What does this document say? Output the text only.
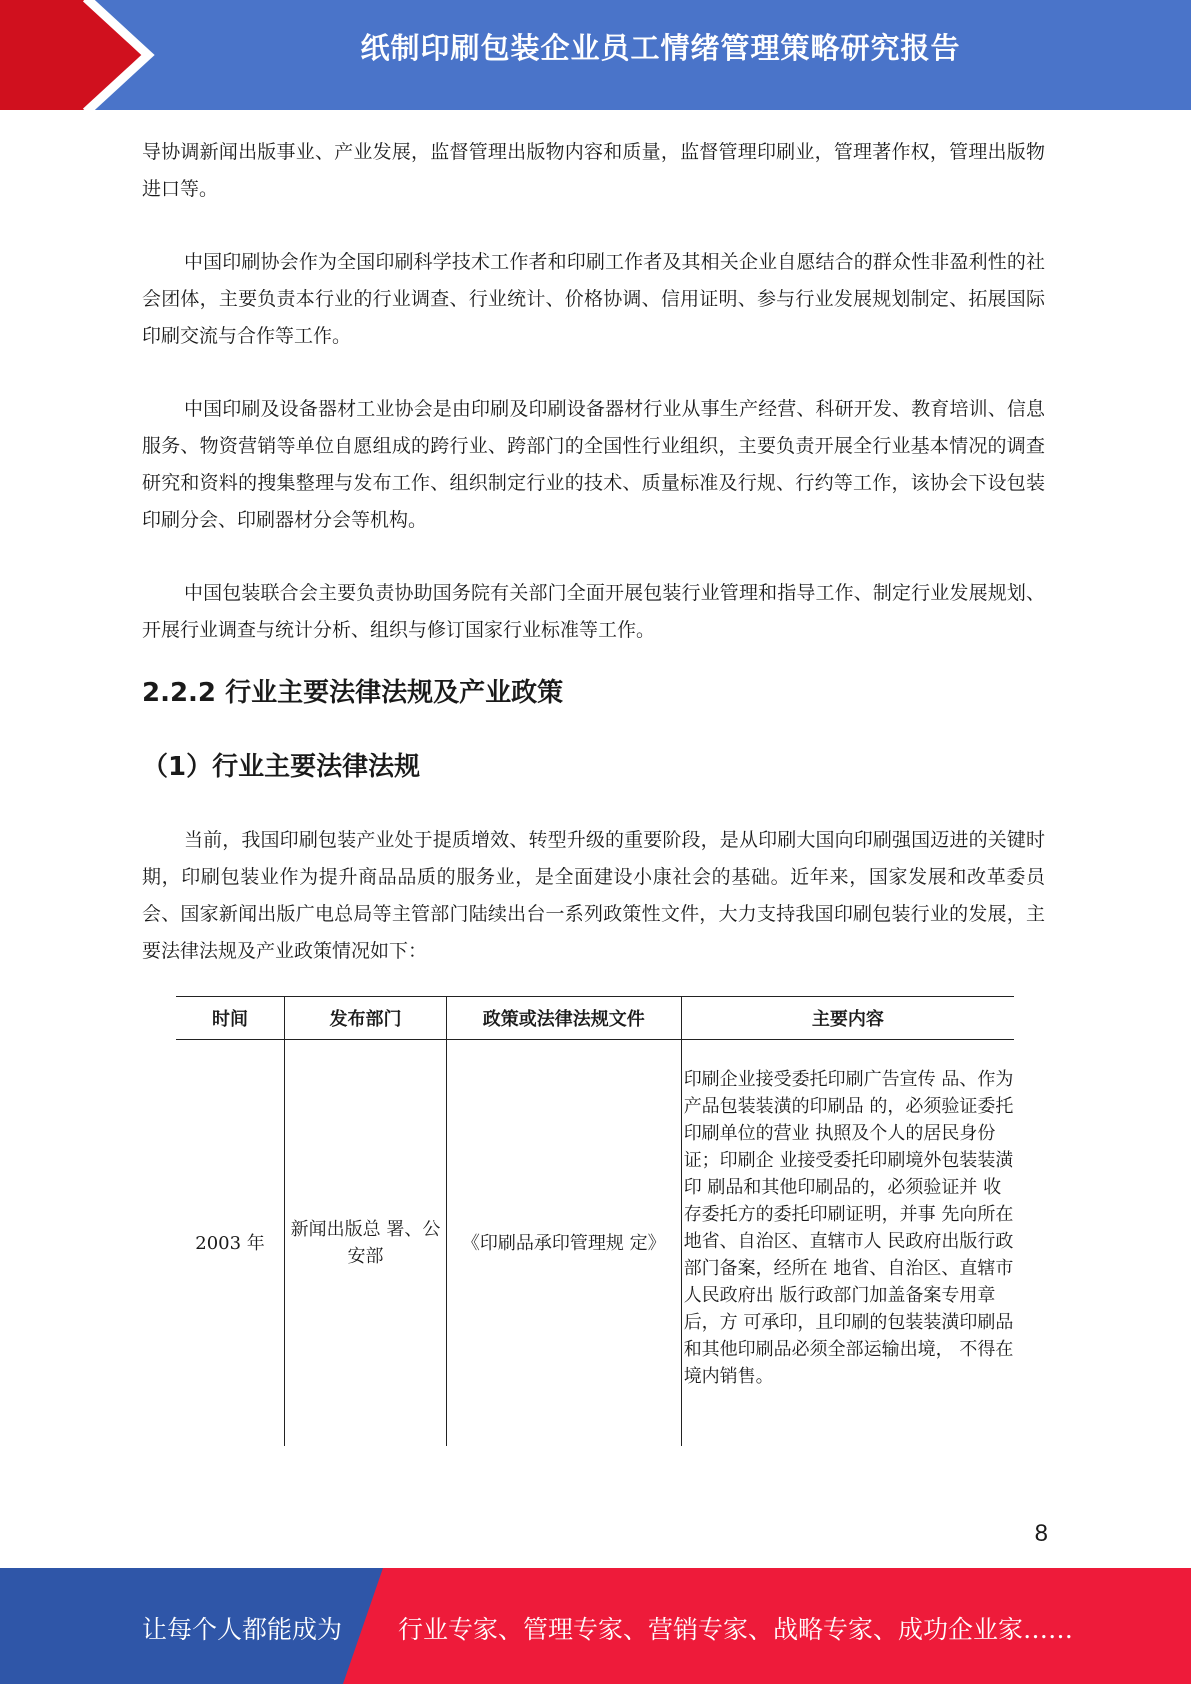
纸制印刷包装企业员工情绪管理策略研究报告

导协调新闻出版事业、产业发展，监督管理出版物内容和质量，监督管理印刷业，管理著作权，管理出版物进口等。

中国印刷协会作为全国印刷科学技术工作者和印刷工作者及其相关企业自愿结合的群众性非盈利性的社会团体，主要负责本行业的行业调查、行业统计、价格协调、信用证明、参与行业发展规划制定、拓展国际印刷交流与合作等工作。

中国印刷及设备器材工业协会是由印刷及印刷设备器材行业从事生产经营、科研开发、教育培训、信息服务、物资营销等单位自愿组成的跨行业、跨部门的全国性行业组织，主要负责开展全行业基本情况的调查研究和资料的搜集整理与发布工作、组织制定行业的技术、质量标准及行规、行约等工作，该协会下设包装印刷分会、印刷器材分会等机构。

中国包装联合会主要负责协助国务院有关部门全面开展包装行业管理和指导工作、制定行业发展规划、开展行业调查与统计分析、组织与修订国家行业标准等工作。

2.2.2 行业主要法律法规及产业政策
（1）行业主要法律法规

当前，我国印刷包装产业处于提质增效、转型升级的重要阶段，是从印刷大国向印刷强国迈进的关键时期，印刷包装业作为提升商品品质的服务业，是全面建设小康社会的基础。近年来，国家发展和改革委员会、国家新闻出版广电总局等主管部门陆续出台一系列政策性文件，大力支持我国印刷包装行业的发展，主要法律法规及产业政策情况如下：

时间	发布部门	政策或法律法规文件	主要内容
2003 年	新闻出版总 署、公安部	《印刷品承印管理规 定》	印刷企业接受委托印刷广告宣传 品、作为产品包装装潢的印刷品 的，必须验证委托印刷单位的营业 执照及个人的居民身份证；印刷企 业接受委托印刷境外包装装潢印 刷品和其他印刷品的，必须验证并 收存委托方的委托印刷证明，并事 先向所在地省、自治区、直辖市人 民政府出版行政部门备案，经所在 地省、自治区、直辖市人民政府出 版行政部门加盖备案专用章后，方 可承印，且印刷的包装装潢印刷品和其他印刷品必须全部运输出境， 不得在境内销售。
8
让每个人都能成为 行业专家、管理专家、营销专家、战略专家、成功企业家……
